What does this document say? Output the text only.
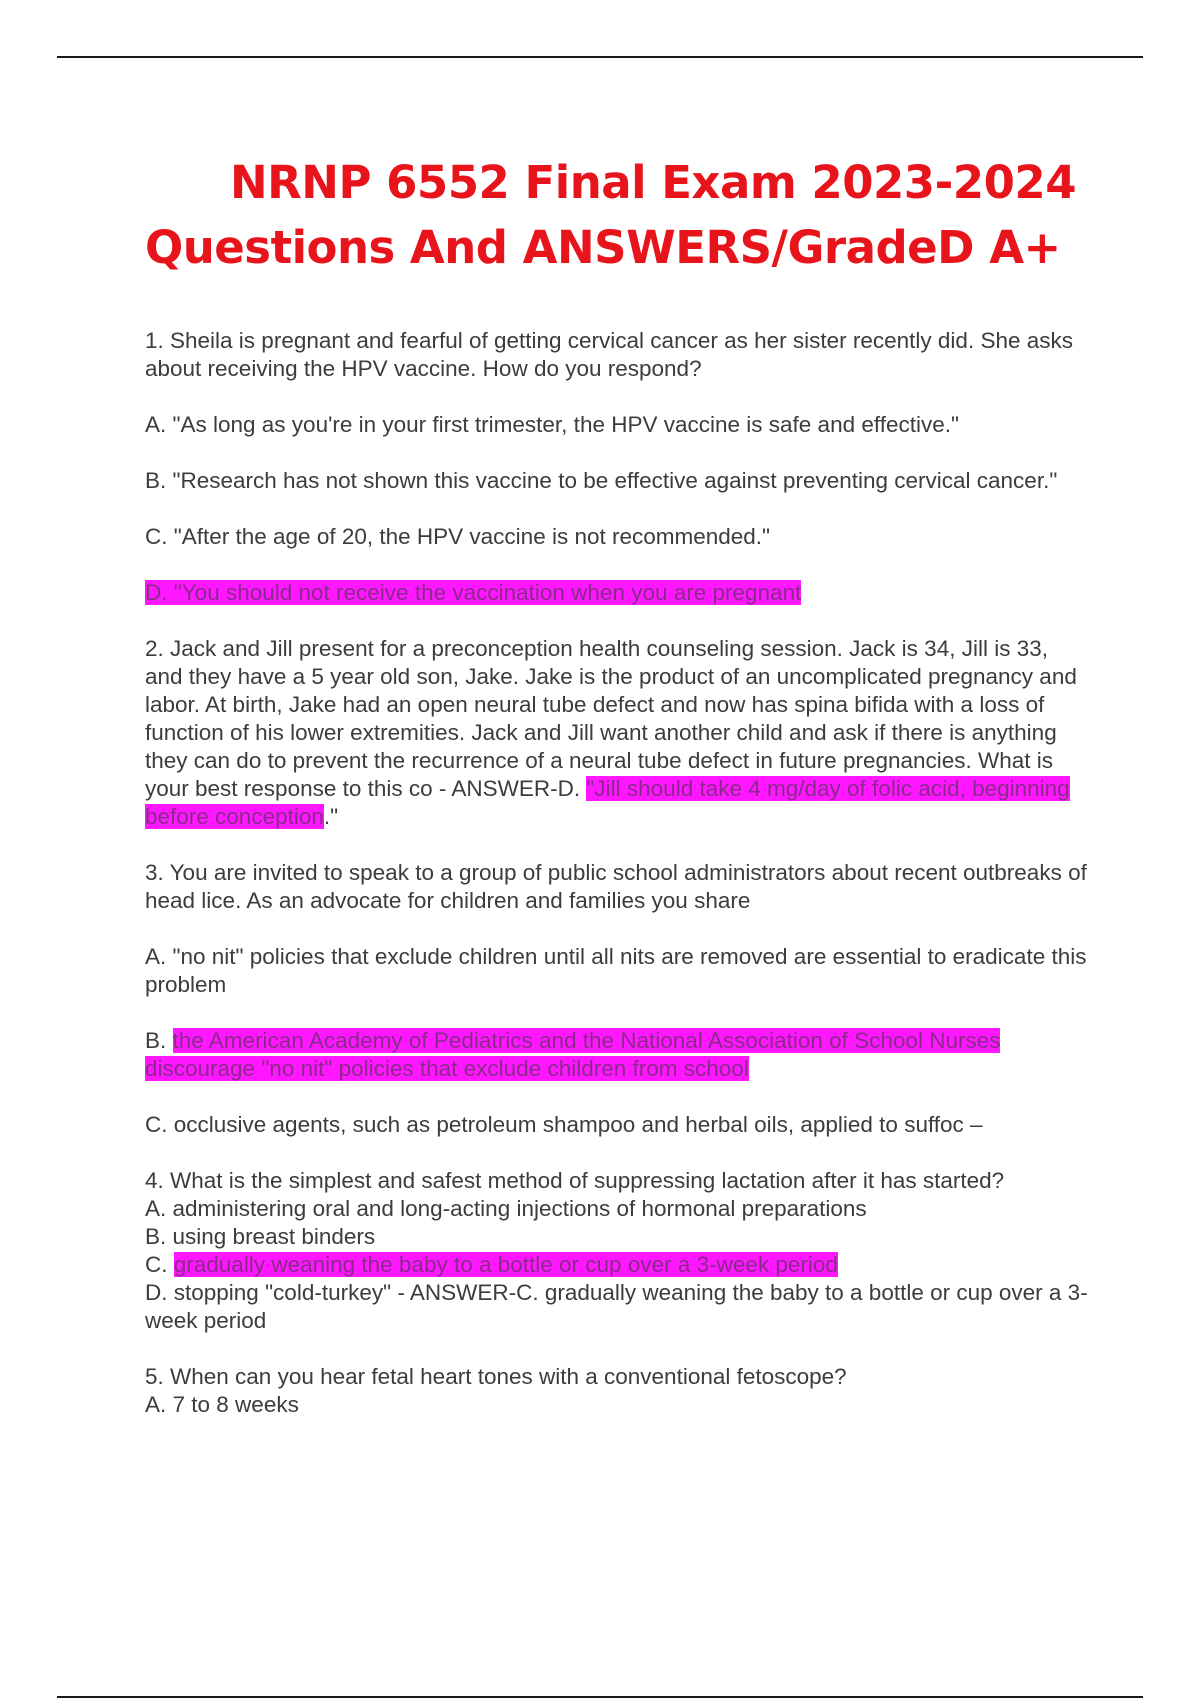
NRNP 6552 Final Exam 2023-2024
Questions And ANSWERS/GradeD A+

1. Sheila is pregnant and fearful of getting cervical cancer as her sister recently did. She asks about receiving the HPV vaccine. How do you respond?

A. "As long as you're in your first trimester, the HPV vaccine is safe and effective."

B. "Research has not shown this vaccine to be effective against preventing cervical cancer."

C. "After the age of 20, the HPV vaccine is not recommended."

D. "You should not receive the vaccination when you are pregnant

2. Jack and Jill present for a preconception health counseling session. Jack is 34, Jill is 33, and they have a 5 year old son, Jake. Jake is the product of an uncomplicated pregnancy and labor. At birth, Jake had an open neural tube defect and now has spina bifida with a loss of function of his lower extremities. Jack and Jill want another child and ask if there is anything they can do to prevent the recurrence of a neural tube defect in future pregnancies. What is your best response to this co - ANSWER-D. "Jill should take 4 mg/day of folic acid, beginning before conception."

3. You are invited to speak to a group of public school administrators about recent outbreaks of head lice. As an advocate for children and families you share

A. "no nit" policies that exclude children until all nits are removed are essential to eradicate this problem

B. the American Academy of Pediatrics and the National Association of School Nurses discourage "no nit" policies that exclude children from school

C. occlusive agents, such as petroleum shampoo and herbal oils, applied to suffoc –

4. What is the simplest and safest method of suppressing lactation after it has started?
A. administering oral and long-acting injections of hormonal preparations
B. using breast binders
C. gradually weaning the baby to a bottle or cup over a 3-week period
D. stopping "cold-turkey" - ANSWER-C. gradually weaning the baby to a bottle or cup over a 3-week period
5. When can you hear fetal heart tones with a conventional fetoscope?
A. 7 to 8 weeks
